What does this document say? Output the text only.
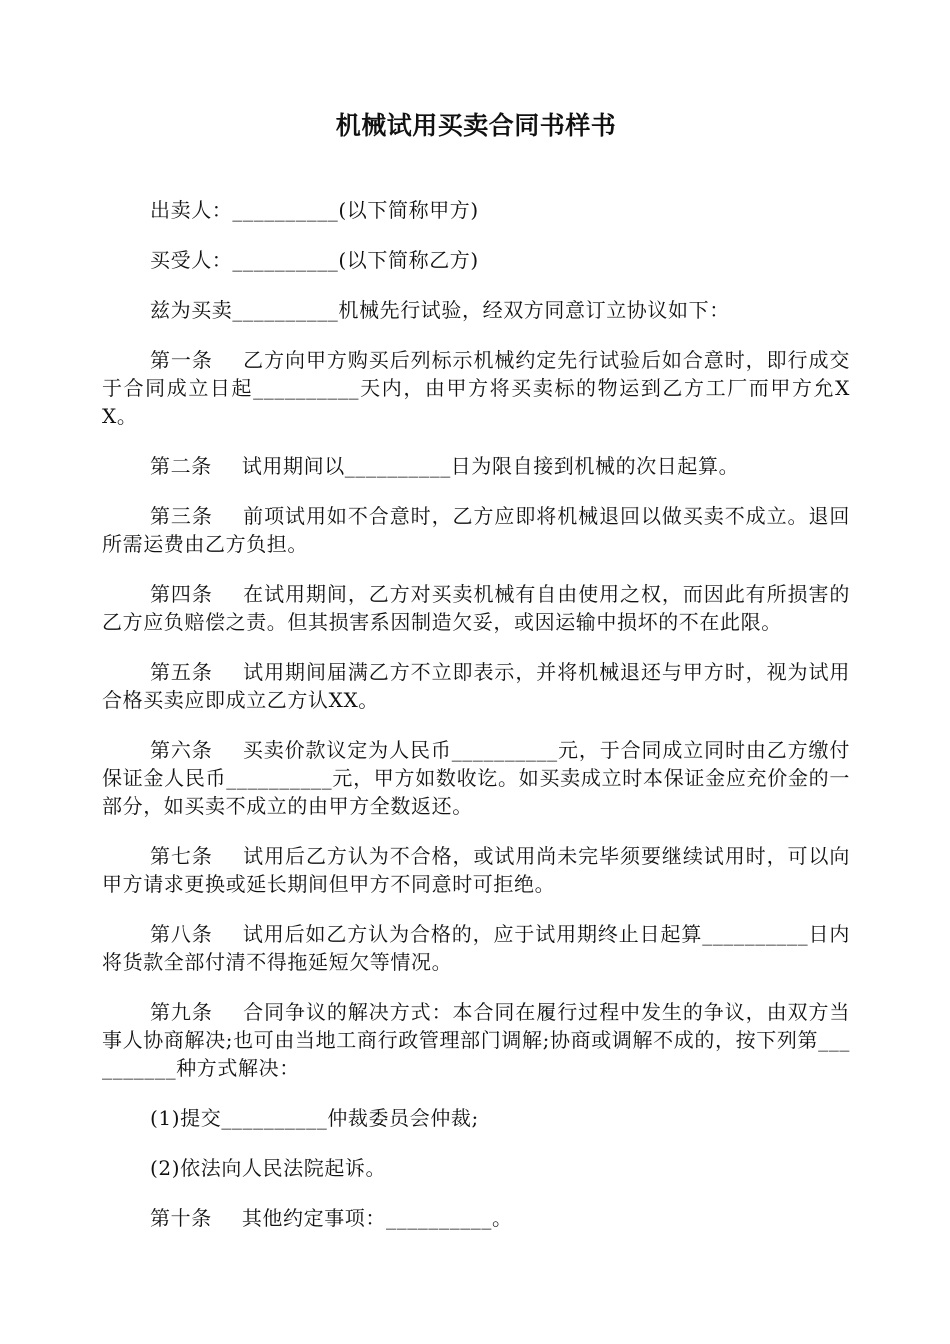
机械试用买卖合同书样书

出卖人：__________(以下简称甲方)

买受人：__________(以下简称乙方)

兹为买卖__________机械先行试验，经双方同意订立协议如下：

第一条 乙方向甲方购买后列标示机械约定先行试验后如合意时，即行成交于合同成立日起__________天内，由甲方将买卖标的物运到乙方工厂而甲方允XX。

第二条 试用期间以__________日为限自接到机械的次日起算。

第三条 前项试用如不合意时，乙方应即将机械退回以做买卖不成立。退回所需运费由乙方负担。

第四条 在试用期间，乙方对买卖机械有自由使用之权，而因此有所损害的乙方应负赔偿之责。但其损害系因制造欠妥，或因运输中损坏的不在此限。

第五条 试用期间届满乙方不立即表示，并将机械退还与甲方时，视为试用合格买卖应即成立乙方认XX。

第六条 买卖价款议定为人民币__________元，于合同成立同时由乙方缴付保证金人民币__________元，甲方如数收讫。如买卖成立时本保证金应充价金的一部分，如买卖不成立的由甲方全数返还。

第七条 试用后乙方认为不合格，或试用尚未完毕须要继续试用时，可以向甲方请求更换或延长期间但甲方不同意时可拒绝。

第八条 试用后如乙方认为合格的，应于试用期终止日起算__________日内将货款全部付清不得拖延短欠等情况。

第九条 合同争议的解决方式：本合同在履行过程中发生的争议，由双方当事人协商解决;也可由当地工商行政管理部门调解;协商或调解不成的，按下列第__________种方式解决：

(1)提交__________仲裁委员会仲裁;

(2)依法向人民法院起诉。

第十条 其他约定事项：__________。
